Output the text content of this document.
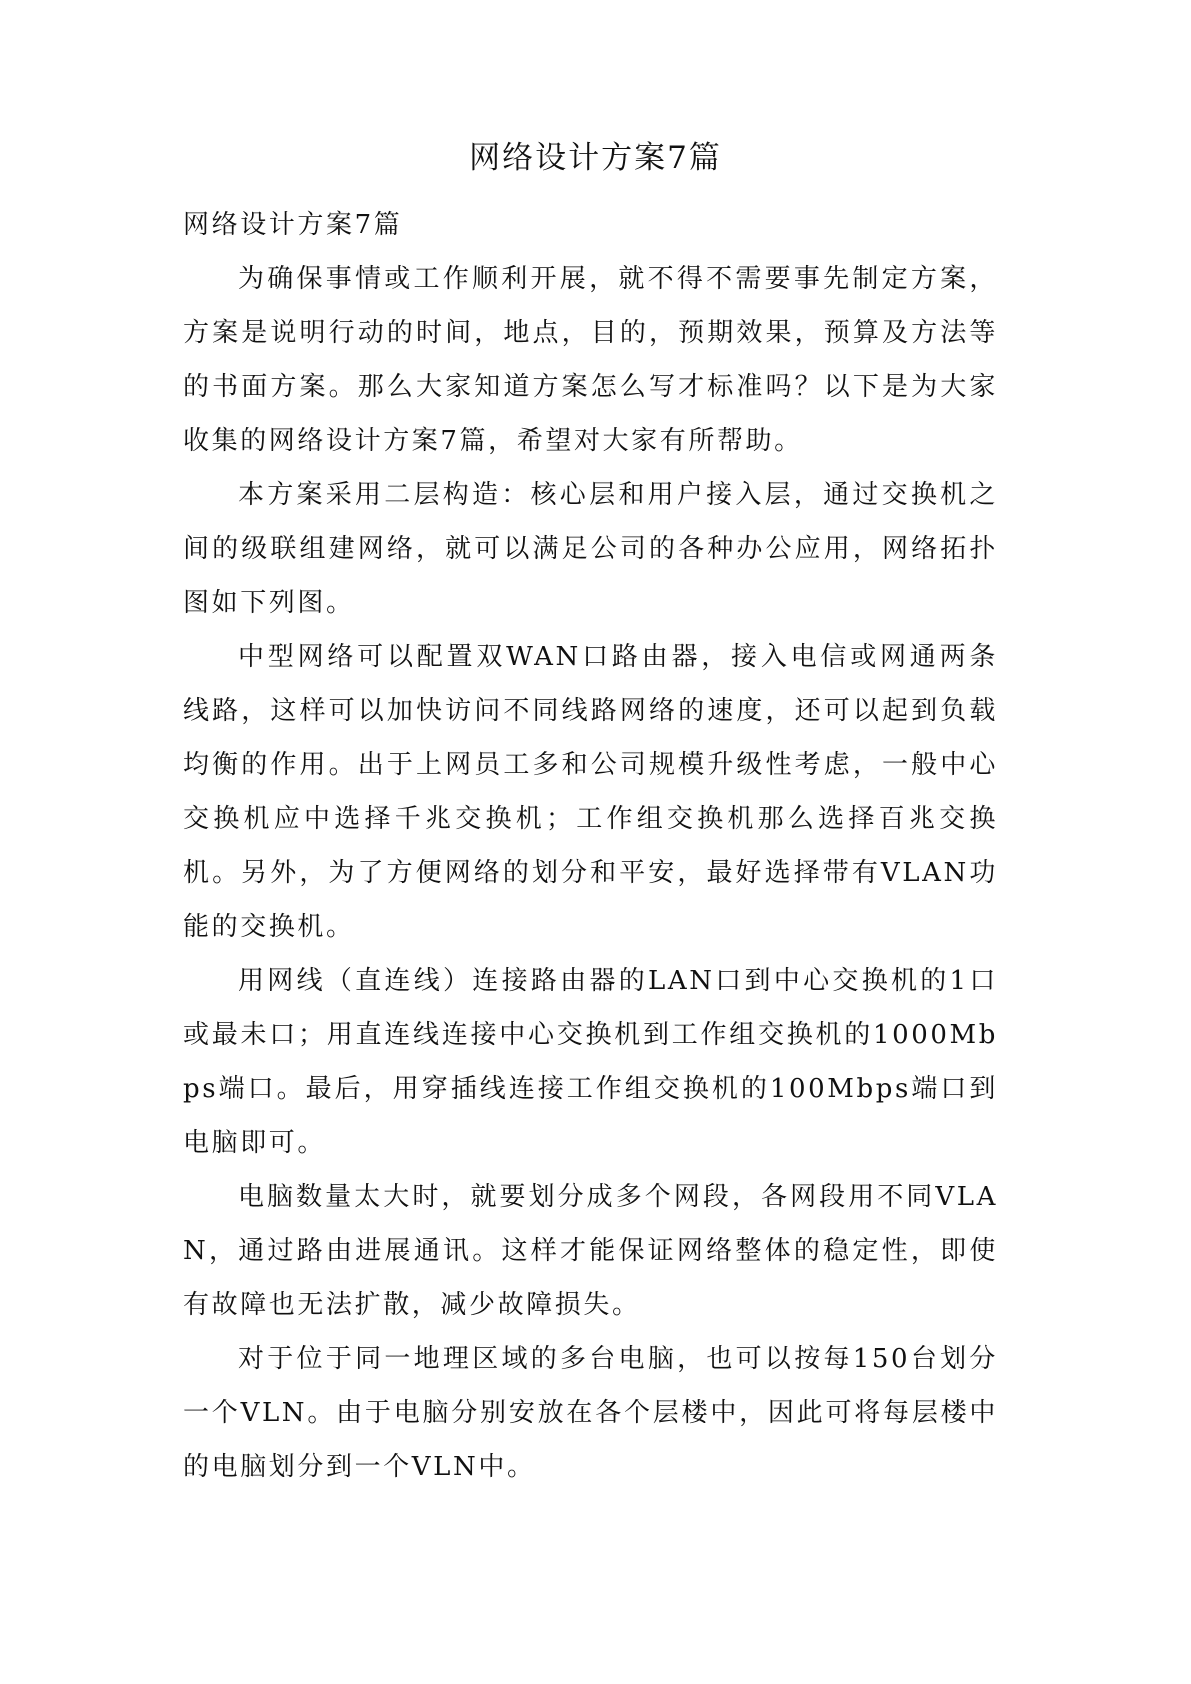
网络设计方案7篇

网络设计方案7篇

为确保事情或工作顺利开展，就不得不需要事先制定方案，方案是说明行动的时间，地点，目的，预期效果，预算及方法等的书面方案。那么大家知道方案怎么写才标准吗？以下是为大家收集的网络设计方案7篇，希望对大家有所帮助。

本方案采用二层构造：核心层和用户接入层，通过交换机之间的级联组建网络，就可以满足公司的各种办公应用，网络拓扑图如下列图。

中型网络可以配置双WAN口路由器，接入电信或网通两条线路，这样可以加快访问不同线路网络的速度，还可以起到负载均衡的作用。出于上网员工多和公司规模升级性考虑，一般中心交换机应中选择千兆交换机；工作组交换机那么选择百兆交换机。另外，为了方便网络的划分和平安，最好选择带有VLAN功能的交换机。

用网线（直连线）连接路由器的LAN口到中心交换机的1口或最未口；用直连线连接中心交换机到工作组交换机的1000Mbps端口。最后，用穿插线连接工作组交换机的100Mbps端口到电脑即可。

电脑数量太大时，就要划分成多个网段，各网段用不同VLAN，通过路由进展通讯。这样才能保证网络整体的稳定性，即使有故障也无法扩散，减少故障损失。

对于位于同一地理区域的多台电脑，也可以按每150台划分一个VLN。由于电脑分别安放在各个层楼中，因此可将每层楼中的电脑划分到一个VLN中。
